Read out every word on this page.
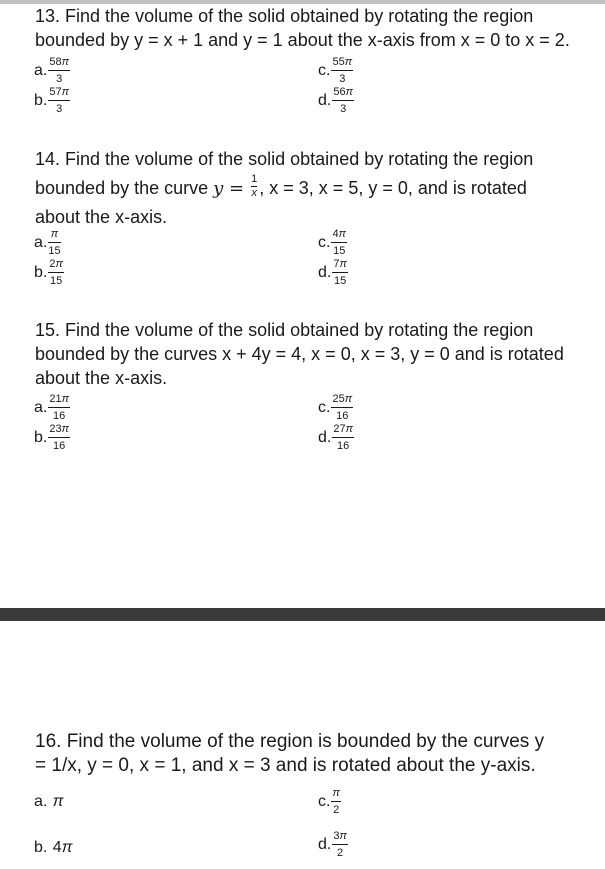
13. Find the volume of the solid obtained by rotating the region
bounded by y = x + 1 and y = 1 about the x-axis from x = 0 to x = 2.
a. $\frac{58\pi}{3}$
b. $\frac{57\pi}{3}$
c. $\frac{55\pi}{3}$
d. $\frac{56\pi}{3}$
14. Find the volume of the solid obtained by rotating the region
bounded by the curve $y = \frac{1}{x}$ , x = 3, x = 5, y = 0, and is rotated
about the x-axis.
a. $\frac{\pi}{15}$
b. $\frac{2\pi}{15}$
c. $\frac{4\pi}{15}$
d. $\frac{7\pi}{15}$
15. Find the volume of the solid obtained by rotating the region
bounded by the curves x + 4y = 4, x = 0, x = 3, y = 0 and is rotated
about the x-axis.
a. $\frac{21\pi}{16}$
b. $\frac{23\pi}{16}$
c. $\frac{25\pi}{16}$
d. $\frac{27\pi}{16}$
16. Find the volume of the region is bounded by the curves y
= 1/x, y = 0, x = 1, and x = 3 and is rotated about the y-axis.
a.
π
b.
4 π
c. $\frac{\pi}{2}$
d. $\frac{3\pi}{2}$
